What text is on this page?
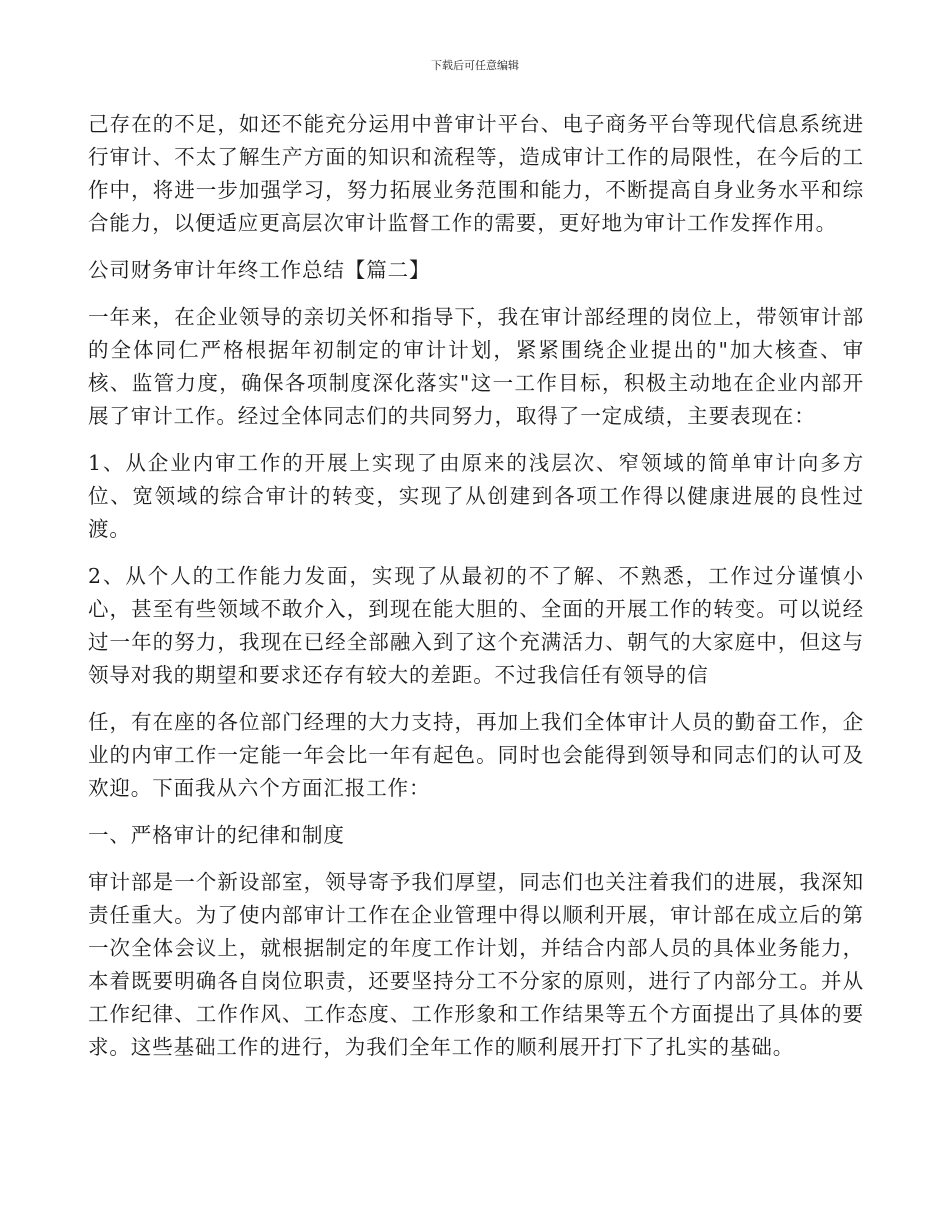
下载后可任意编辑

己存在的不足，如还不能充分运用中普审计平台、电子商务平台等现代信息系统进行审计、不太了解生产方面的知识和流程等，造成审计工作的局限性，在今后的工作中，将进一步加强学习，努力拓展业务范围和能力，不断提高自身业务水平和综合能力，以便适应更高层次审计监督工作的需要，更好地为审计工作发挥作用。

公司财务审计年终工作总结【篇二】

一年来，在企业领导的亲切关怀和指导下，我在审计部经理的岗位上，带领审计部的全体同仁严格根据年初制定的审计计划，紧紧围绕企业提出的"加大核查、审核、监管力度，确保各项制度深化落实"这一工作目标，积极主动地在企业内部开展了审计工作。经过全体同志们的共同努力，取得了一定成绩，主要表现在：

1、从企业内审工作的开展上实现了由原来的浅层次、窄领域的简单审计向多方位、宽领域的综合审计的转变，实现了从创建到各项工作得以健康进展的良性过渡。

2、从个人的工作能力发面，实现了从最初的不了解、不熟悉，工作过分谨慎小心，甚至有些领域不敢介入，到现在能大胆的、全面的开展工作的转变。可以说经过一年的努力，我现在已经全部融入到了这个充满活力、朝气的大家庭中，但这与领导对我的期望和要求还存有较大的差距。不过我信任有领导的信

任，有在座的各位部门经理的大力支持，再加上我们全体审计人员的勤奋工作，企业的内审工作一定能一年会比一年有起色。同时也会能得到领导和同志们的认可及欢迎。下面我从六个方面汇报工作：

一、严格审计的纪律和制度

审计部是一个新设部室，领导寄予我们厚望，同志们也关注着我们的进展，我深知责任重大。为了使内部审计工作在企业管理中得以顺利开展，审计部在成立后的第一次全体会议上，就根据制定的年度工作计划，并结合内部人员的具体业务能力，本着既要明确各自岗位职责，还要坚持分工不分家的原则，进行了内部分工。并从工作纪律、工作作风、工作态度、工作形象和工作结果等五个方面提出了具体的要求。这些基础工作的进行，为我们全年工作的顺利展开打下了扎实的基础。
